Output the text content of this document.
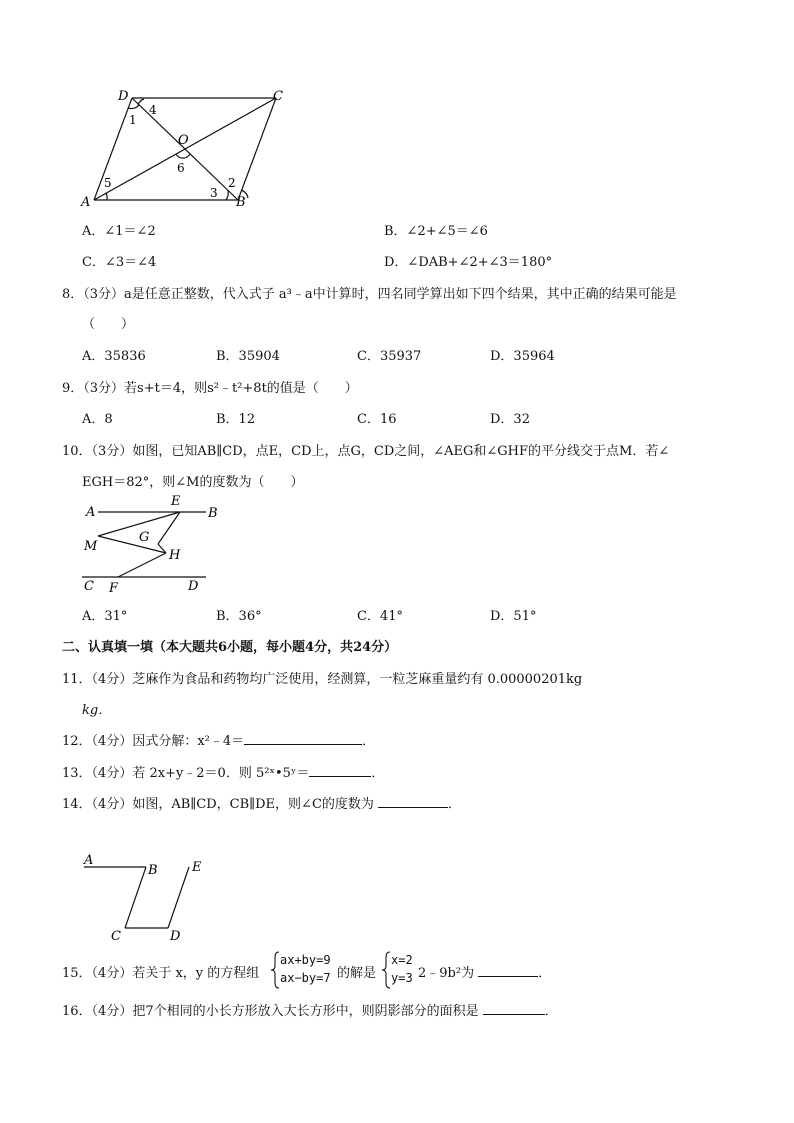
D	C
A	B
O
1
2
3
4
5
6
A．∠1＝∠2	B．∠2+∠5＝∠6
C．∠3＝∠4	D．∠DAB+∠2+∠3＝180°
8．（3分）a是任意正整数，代入式子 a³﹣a中计算时，四名同学算出如下四个结果，其中正确的结果可能是
（　　）
A．35836	B．35904	C．35937	D．35964
9．（3分）若s+t＝4，则s²﹣t²+8t的值是（　　）
A．8	B．12	C．16	D．32
10．（3分）如图，已知AB∥CD，点E，CD上，点G，CD之间，∠AEG和∠GHF的平分线交于点M．若∠
EGH＝82°，则∠M的度数为（　　）
A
E
B
M
G
H
C F	D
A．31°	B．36°	C．41°	D．51°
二、认真填一填（本大题共6小题，每小题4分，共24分）
11．（4分）芝麻作为食品和药物均广泛使用，经测算，一粒芝麻重量约有 0.00000201kg
kg．
12．（4分）因式分解：x²﹣4＝	．
13．（4分）若 2x+y﹣2＝0．则 5²ˣ•5ʸ＝	．
14．（4分）如图，AB∥CD，CB∥DE，则∠C的度数为	．
A
B	E
C	D
15．（4分）若关于 x，y 的方程组
ax+by=9
ax−by=7 的解是
x=2
y=3 2﹣9b²为	．
16．（4分）把7个相同的小长方形放入大长方形中，则阴影部分的面积是	．
